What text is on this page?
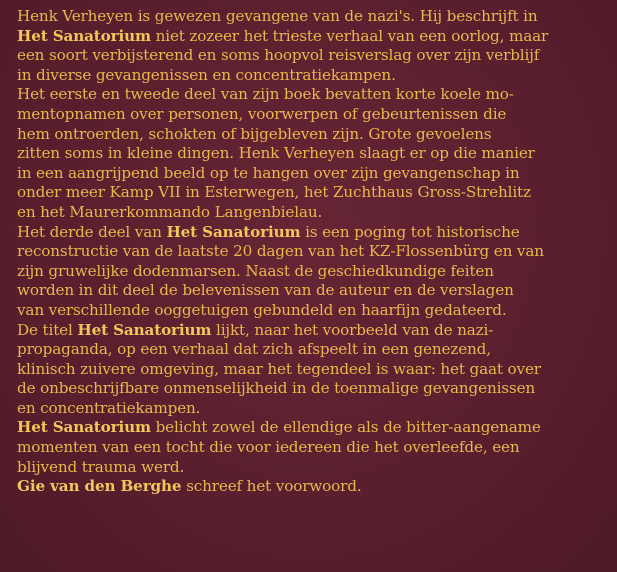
Henk Verheyen is gewezen gevangene van de nazi's. Hij beschrijft in
Het Sanatorium niet zozeer het trieste verhaal van een oorlog, maar
een soort verbijsterend en soms hoopvol reisverslag over zijn verblijf
in diverse gevangenissen en concentratiekampen.
Het eerste en tweede deel van zijn boek bevatten korte koele mo-
mentopnamen over personen, voorwerpen of gebeurtenissen die
hem ontroerden, schokten of bijgebleven zijn. Grote gevoelens
zitten soms in kleine dingen. Henk Verheyen slaagt er op die manier
in een aangrijpend beeld op te hangen over zijn gevangenschap in
onder meer Kamp VII in Esterwegen, het Zuchthaus Gross-Strehlitz
en het Maurerkommando Langenbielau.
Het derde deel van Het Sanatorium is een poging tot historische
reconstructie van de laatste 20 dagen van het KZ-Flossenbürg en van
zijn gruwelijke dodenmarsen. Naast de geschiedkundige feiten
worden in dit deel de belevenissen van de auteur en de verslagen
van verschillende ooggetuigen gebundeld en haarfijn gedateerd.
De titel Het Sanatorium lijkt, naar het voorbeeld van de nazi-
propaganda, op een verhaal dat zich afspeelt in een genezend,
klinisch zuivere omgeving, maar het tegendeel is waar: het gaat over
de onbeschrijfbare onmenselijkheid in de toenmalige gevangenissen
en concentratiekampen.
Het Sanatorium belicht zowel de ellendige als de bitter-aangename
momenten van een tocht die voor iedereen die het overleefde, een
blijvend trauma werd.
Gie van den Berghe schreef het voorwoord.
